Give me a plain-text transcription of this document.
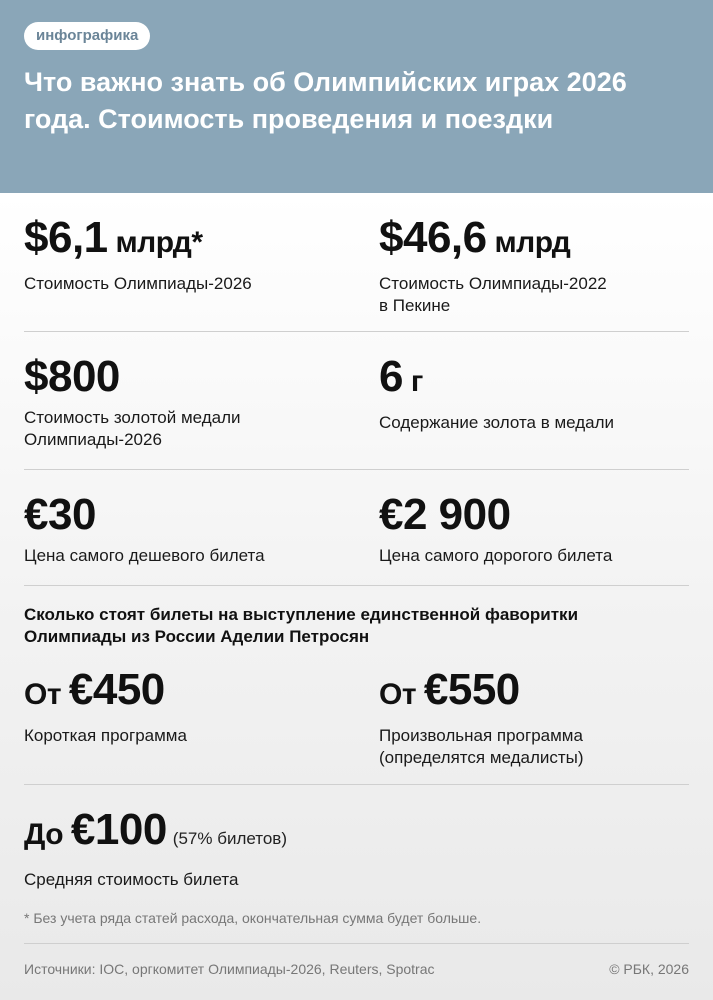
инфографика
Что важно знать об Олимпийских играх 2026 года. Стоимость проведения и поездки
$6,1 млрд*
Стоимость Олимпиады-2026
$46,6 млрд
Стоимость Олимпиады-2022
в Пекине
$800
Стоимость золотой медали
Олимпиады-2026
6 г
Содержание золота в медали
€30
Цена самого дешевого билета
€2 900
Цена самого дорогого билета
Сколько стоят билеты на выступление единственной фаворитки
Олимпиады из России Аделии Петросян
От €450
Короткая программа
От €550
Произвольная программа
(определятся медалисты)
До €100 (57% билетов)
Средняя стоимость билета
* Без учета ряда статей расхода, окончательная сумма будет больше.
Источники: IOC, оргкомитет Олимпиады-2026, Reuters, Spotrac	© РБК, 2026
